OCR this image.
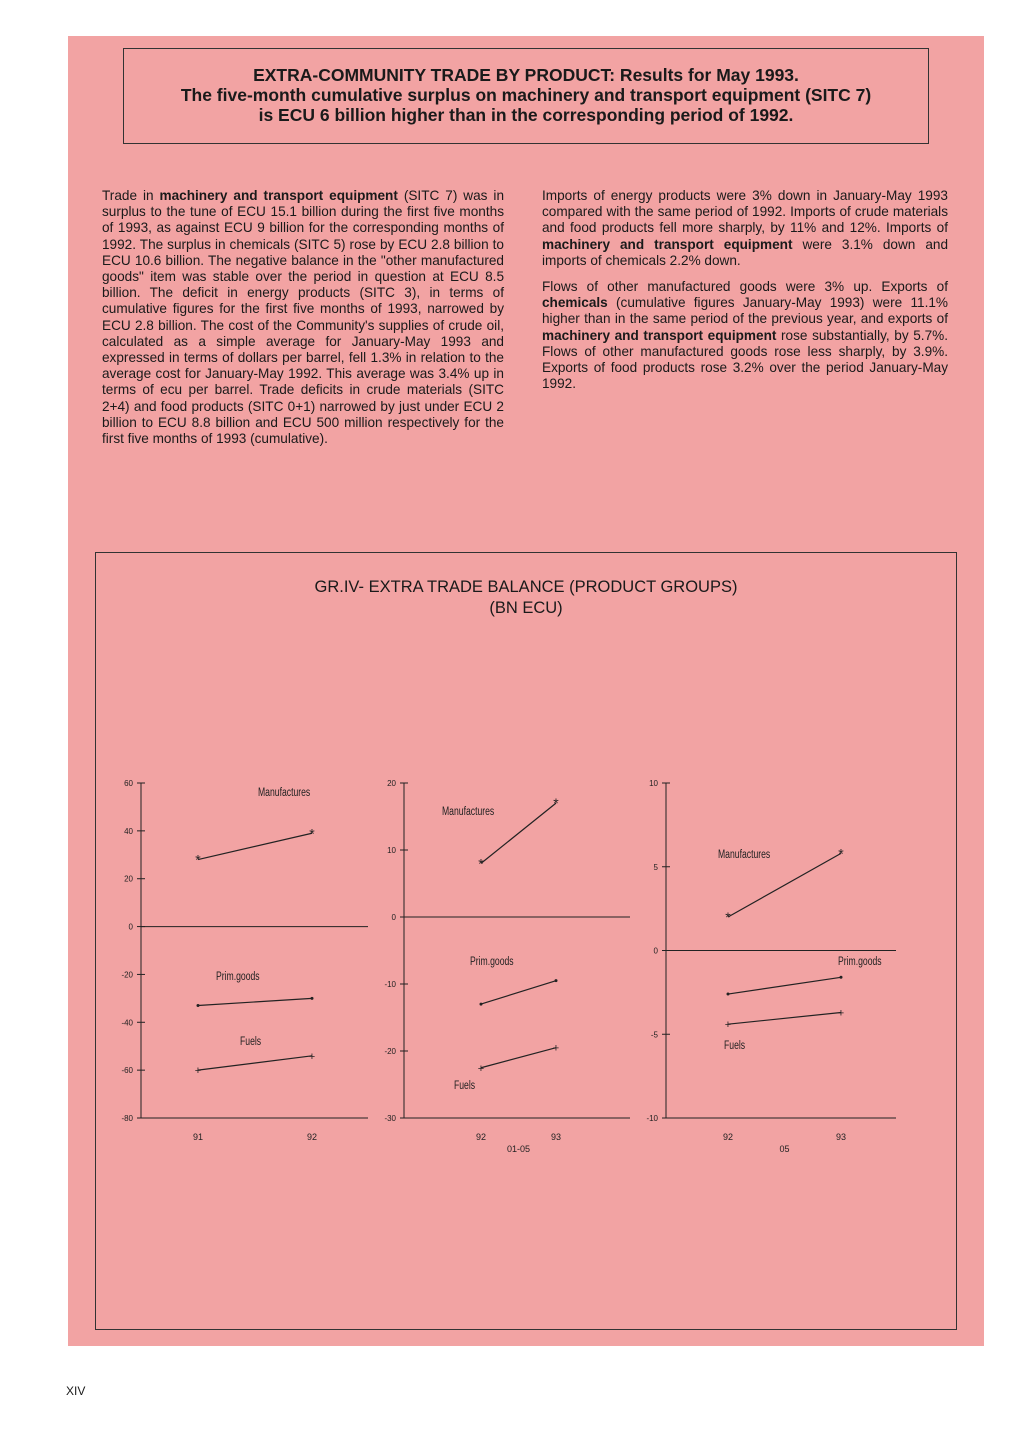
EXTRA-COMMUNITY TRADE BY PRODUCT: Results for May 1993.
The five-month cumulative surplus on machinery and transport equipment (SITC 7)
is ECU 6 billion higher than in the corresponding period of 1992.

Trade in machinery and transport equipment (SITC 7) was in surplus to the tune of ECU 15.1 billion during the first five months of 1993, as against ECU 9 billion for the corresponding months of 1992. The surplus in chemicals (SITC 5) rose by ECU 2.8 billion to ECU 10.6 billion. The negative balance in the "other manufactured goods" item was stable over the period in question at ECU 8.5 billion. The deficit in energy products (SITC 3), in terms of cumulative figures for the first five months of 1993, narrowed by ECU 2.8 billion. The cost of the Community's supplies of crude oil, calculated as a simple average for January-May 1993 and expressed in terms of dollars per barrel, fell 1.3% in relation to the average cost for January-May 1992. This average was 3.4% up in terms of ecu per barrel. Trade deficits in crude materials (SITC 2+4) and food products (SITC 0+1) narrowed by just under ECU 2 billion to ECU 8.8 billion and ECU 500 million respectively for the first five months of 1993 (cumulative).

Imports of energy products were 3% down in January-May 1993 compared with the same period of 1992. Imports of crude materials and food products fell more sharply, by 11% and 12%. Imports of machinery and transport equipment were 3.1% down and imports of chemicals 2.2% down.

Flows of other manufactured goods were 3% up. Exports of chemicals (cumulative figures January-May 1993) were 11.1% higher than in the same period of the previous year, and exports of machinery and transport equipment rose substantially, by 5.7%. Flows of other manufactured goods rose less sharply, by 3.9%. Exports of food products rose 3.2% over the period January-May 1992.

GR.IV- EXTRA TRADE BALANCE (PRODUCT GROUPS)
(BN ECU)
-80
-60
-40
-20
0
20
40
60
91	92
*
*
Manufactures
Prim.goods
+
+
Fuels
-30
-20
-10
0
10
20
92	93
01-05
*
*
Manufactures
Prim.goods
+
+
Fuels
-10
-5
0
5
10
92	93
05
*
*
Manufactures
Prim.goods
+
+
Fuels
XIV
